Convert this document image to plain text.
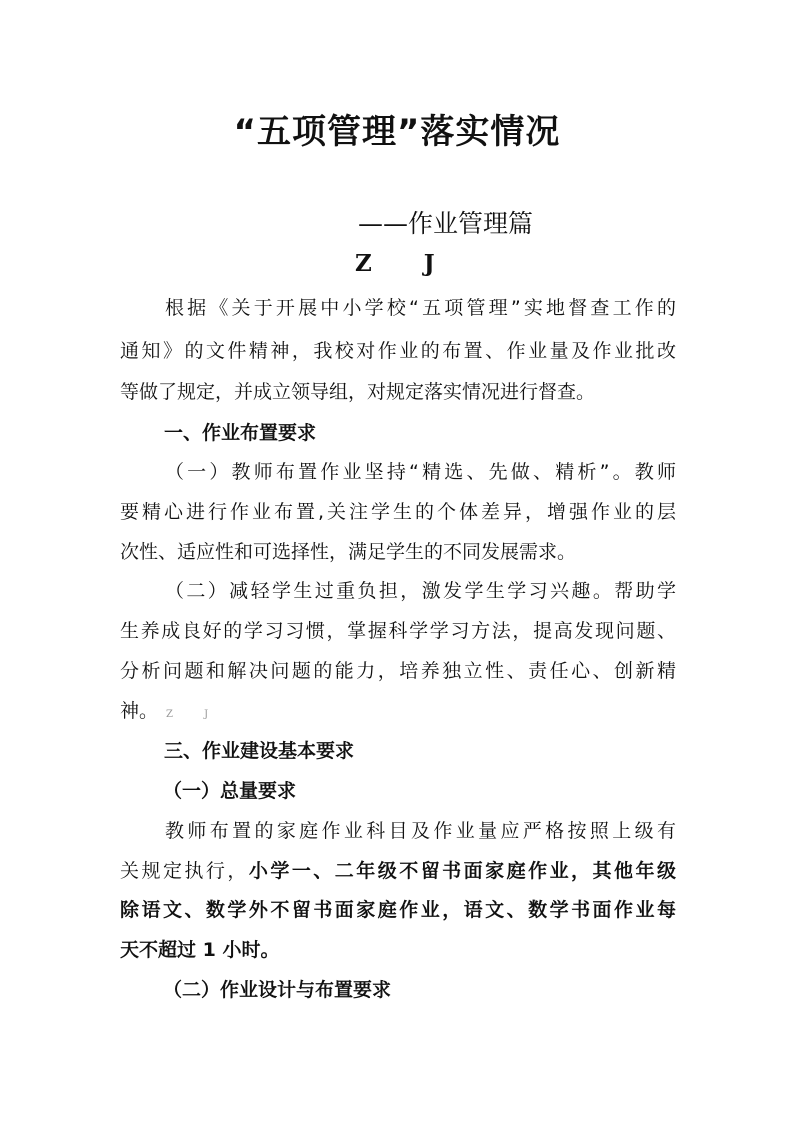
“五项管理”落实情况

——作业管理篇

Z J

根据《关于开展中小学校“五项管理”实地督查工作的

通知》的文件精神，我校对作业的布置、作业量及作业批改

等做了规定，并成立领导组，对规定落实情况进行督查。

一、作业布置要求

（一）教师布置作业坚持“精选、先做、精析”。教师

要精心进行作业布置,关注学生的个体差异，增强作业的层

次性、适应性和可选择性，满足学生的不同发展需求。

（二）减轻学生过重负担，激发学生学习兴趣。帮助学

生养成良好的学习习惯，掌握科学学习方法，提高发现问题、

分析问题和解决问题的能力，培养独立性、责任心、创新精

神。 Z J

三、作业建设基本要求

（一）总量要求

教师布置的家庭作业科目及作业量应严格按照上级有

关规定执行，小学一、二年级不留书面家庭作业，其他年级

除语文、数学外不留书面家庭作业，语文、数学书面作业每

天不超过 1 小时。

（二）作业设计与布置要求
